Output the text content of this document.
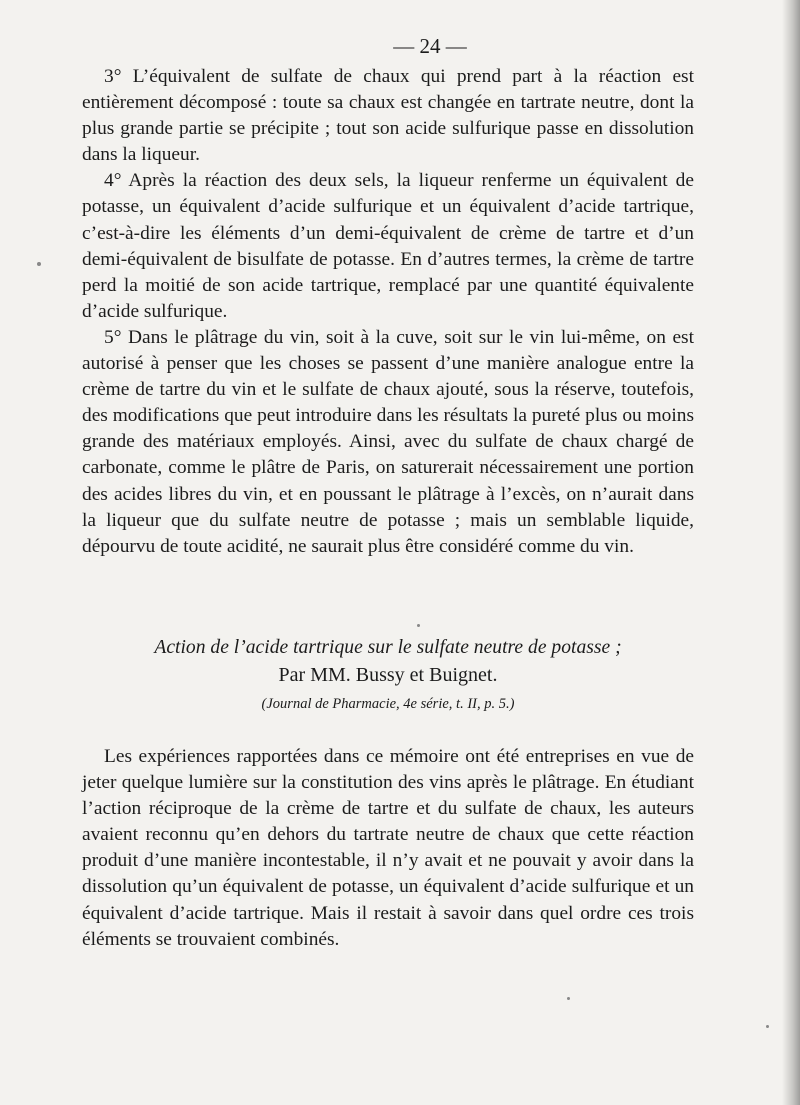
— 24 —

3° L’équivalent de sulfate de chaux qui prend part à la réaction est entièrement décomposé : toute sa chaux est changée en tartrate neutre, dont la plus grande partie se précipite ; tout son acide sulfurique passe en dissolution dans la liqueur.

4° Après la réaction des deux sels, la liqueur renferme un équivalent de potasse, un équivalent d’acide sulfurique et un équivalent d’acide tartrique, c’est-à-dire les éléments d’un demi-équivalent de crème de tartre et d’un demi-équivalent de bisulfate de potasse. En d’autres termes, la crème de tartre perd la moitié de son acide tartrique, remplacé par une quantité équivalente d’acide sulfurique.

5° Dans le plâtrage du vin, soit à la cuve, soit sur le vin lui-même, on est autorisé à penser que les choses se passent d’une manière analogue entre la crème de tartre du vin et le sulfate de chaux ajouté, sous la réserve, toutefois, des modifications que peut introduire dans les résultats la pureté plus ou moins grande des matériaux employés. Ainsi, avec du sulfate de chaux chargé de carbonate, comme le plâtre de Paris, on saturerait nécessairement une portion des acides libres du vin, et en poussant le plâtrage à l’excès, on n’aurait dans la liqueur que du sulfate neutre de potasse ; mais un semblable liquide, dépourvu de toute acidité, ne saurait plus être considéré comme du vin.

Action de l’acide tartrique sur le sulfate neutre de potasse ;
Par MM. Bussy et Buignet.
(Journal de Pharmacie, 4e série, t. II, p. 5.)

Les expériences rapportées dans ce mémoire ont été entreprises en vue de jeter quelque lumière sur la constitution des vins après le plâtrage. En étudiant l’action réciproque de la crème de tartre et du sulfate de chaux, les auteurs avaient reconnu qu’en dehors du tartrate neutre de chaux que cette réaction produit d’une manière incontestable, il n’y avait et ne pouvait y avoir dans la dissolution qu’un équivalent de potasse, un équivalent d’acide sulfurique et un équivalent d’acide tartrique. Mais il restait à savoir dans quel ordre ces trois éléments se trouvaient combinés.
